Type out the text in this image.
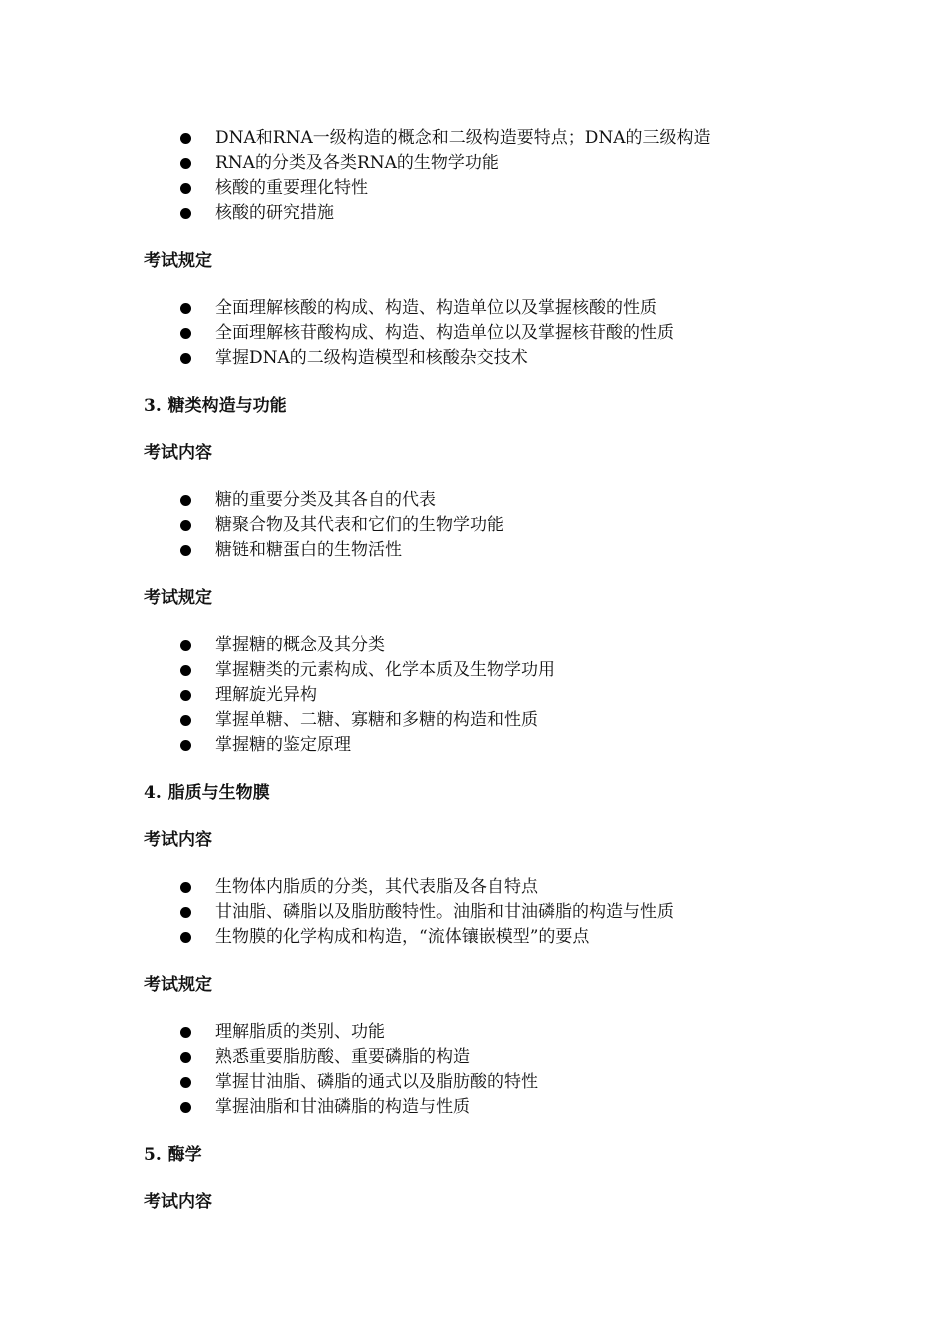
DNA和RNA一级构造的概念和二级构造要特点；DNA的三级构造
RNA的分类及各类RNA的生物学功能
核酸的重要理化特性
核酸的研究措施
考试规定
全面理解核酸的构成、构造、构造单位以及掌握核酸的性质
全面理解核苷酸构成、构造、构造单位以及掌握核苷酸的性质
掌握DNA的二级构造模型和核酸杂交技术
3. 糖类构造与功能
考试内容
糖的重要分类及其各自的代表
糖聚合物及其代表和它们的生物学功能
糖链和糖蛋白的生物活性
考试规定
掌握糖的概念及其分类
掌握糖类的元素构成、化学本质及生物学功用
理解旋光异构
掌握单糖、二糖、寡糖和多糖的构造和性质
掌握糖的鉴定原理
4. 脂质与生物膜
考试内容
生物体内脂质的分类，其代表脂及各自特点
甘油脂、磷脂以及脂肪酸特性。油脂和甘油磷脂的构造与性质
生物膜的化学构成和构造，“流体镶嵌模型”的要点
考试规定
理解脂质的类别、功能
熟悉重要脂肪酸、重要磷脂的构造
掌握甘油脂、磷脂的通式以及脂肪酸的特性
掌握油脂和甘油磷脂的构造与性质
5. 酶学
考试内容
